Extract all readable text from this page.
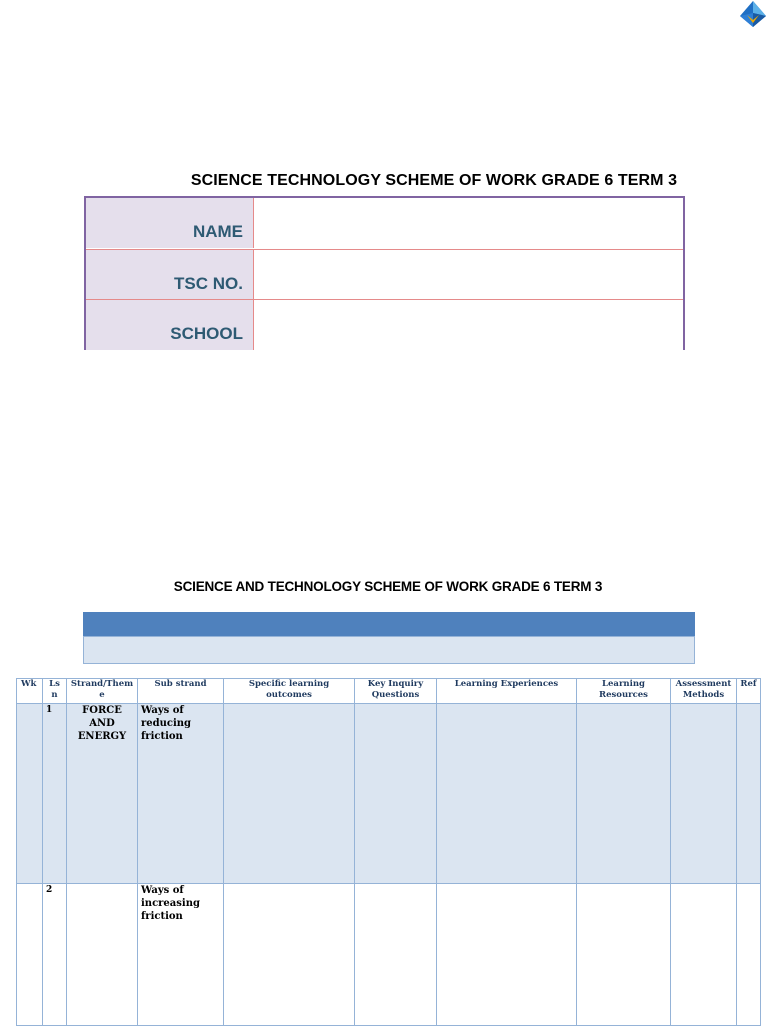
SCIENCE TECHNOLOGY SCHEME OF WORK GRADE 6 TERM 3
NAME
TSC NO.
SCHOOL
SCIENCE AND TECHNOLOGY SCHEME OF WORK GRADE 6 TERM 3
Wk	Ls n	Strand/Them e	Sub strand	Specific learning outcomes	Key Inquiry Questions	Learning Experiences	Learning Resources	Assessment Methods	Ref
	1	FORCE AND ENERGY	Ways of reducing friction						
	2		Ways of increasing friction						
